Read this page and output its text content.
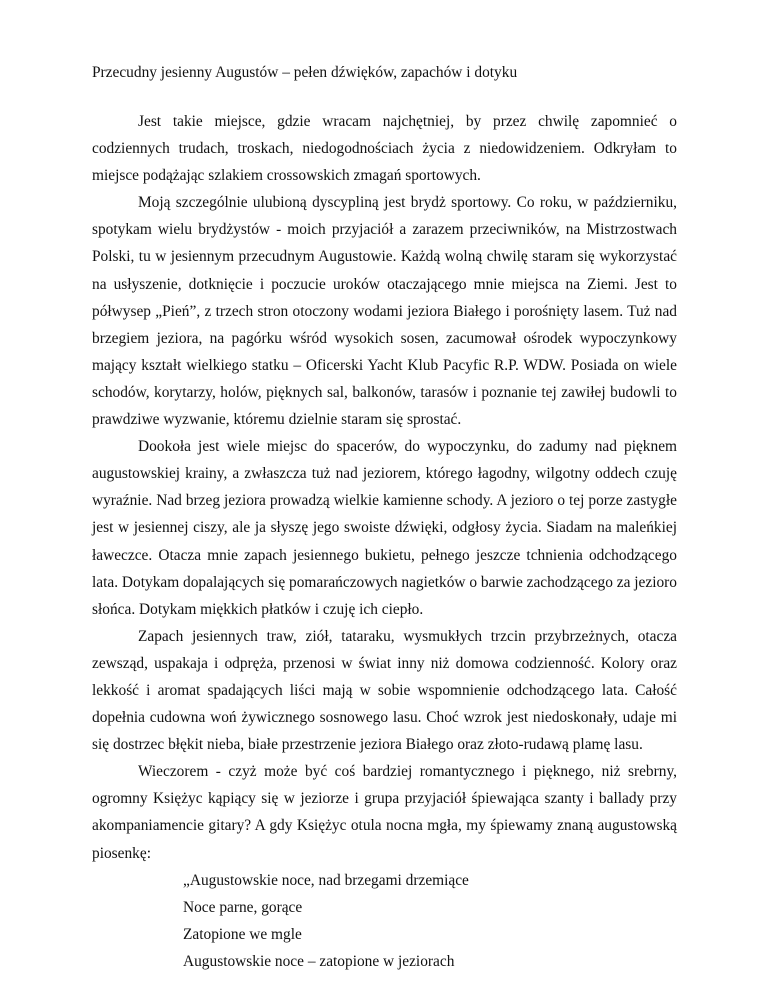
Przecudny jesienny Augustów – pełen dźwięków, zapachów i dotyku

Jest takie miejsce, gdzie wracam najchętniej, by przez chwilę zapomnieć o codziennych trudach, troskach, niedogodnościach życia z niedowidzeniem. Odkryłam to miejsce podążając szlakiem crossowskich zmagań sportowych.

Moją szczególnie ulubioną dyscypliną jest brydż sportowy. Co roku, w październiku, spotykam wielu brydżystów - moich przyjaciół a zarazem przeciwników, na Mistrzostwach Polski, tu w jesiennym przecudnym Augustowie. Każdą wolną chwilę staram się wykorzystać na usłyszenie, dotknięcie i poczucie uroków otaczającego mnie miejsca na Ziemi. Jest to półwysep „Pień”, z trzech stron otoczony wodami jeziora Białego i porośnięty lasem. Tuż nad brzegiem jeziora, na pagórku wśród wysokich sosen, zacumował ośrodek wypoczynkowy mający kształt wielkiego statku – Oficerski Yacht Klub Pacyfic R.P. WDW. Posiada on wiele schodów, korytarzy, holów, pięknych sal, balkonów, tarasów i poznanie tej zawiłej budowli to prawdziwe wyzwanie, któremu dzielnie staram się sprostać.

Dookoła jest wiele miejsc do spacerów, do wypoczynku, do zadumy nad pięknem augustowskiej krainy, a zwłaszcza tuż nad jeziorem, którego łagodny, wilgotny oddech czuję wyraźnie. Nad brzeg jeziora prowadzą wielkie kamienne schody. A jezioro o tej porze zastygłe jest w jesiennej ciszy, ale ja słyszę jego swoiste dźwięki, odgłosy życia. Siadam na maleńkiej ławeczce. Otacza mnie zapach jesiennego bukietu, pełnego jeszcze tchnienia odchodzącego lata. Dotykam dopalających się pomarańczowych nagietków o barwie zachodzącego za jezioro słońca. Dotykam miękkich płatków i czuję ich ciepło.

Zapach jesiennych traw, ziół, tataraku, wysmukłych trzcin przybrzeżnych, otacza zewsząd, uspakaja i odpręża, przenosi w świat inny niż domowa codzienność. Kolory oraz lekkość i aromat spadających liści mają w sobie wspomnienie odchodzącego lata. Całość dopełnia cudowna woń żywicznego sosnowego lasu. Choć wzrok jest niedoskonały, udaje mi się dostrzec błękit nieba, białe przestrzenie jeziora Białego oraz złoto-rudawą plamę lasu.

Wieczorem - czyż może być coś bardziej romantycznego i pięknego, niż srebrny, ogromny Księżyc kąpiący się w jeziorze i grupa przyjaciół śpiewająca szanty i ballady przy akompaniamencie gitary? A gdy Księżyc otula nocna mgła, my śpiewamy znaną augustowską piosenkę:

„Augustowskie noce, nad brzegami drzemiące
Noce parne, gorące
Zatopione we mgle
Augustowskie noce – zatopione w jeziorach
